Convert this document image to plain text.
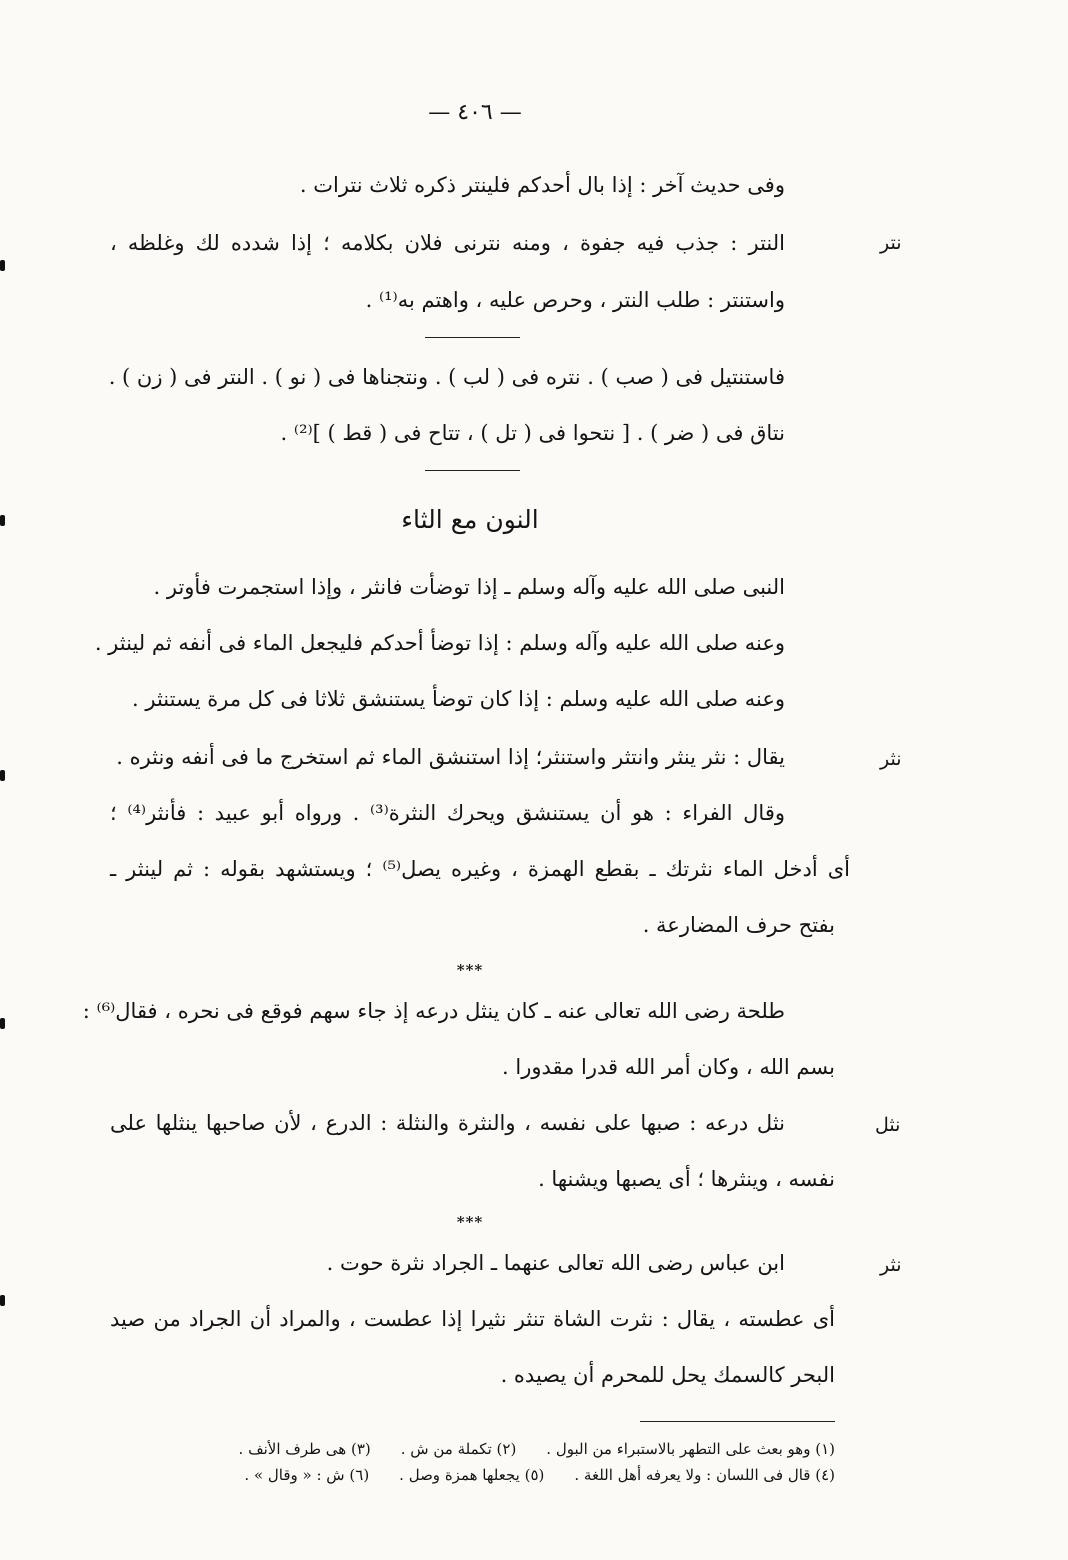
— ٤٠٦ —
وفى حديث آخر : إذا بال أحدكم فلينتر ذكره ثلاث نترات .
نتر
النتر : جذب فيه جفوة ، ومنه نترنى فلان بكلامه ؛ إذا شدده لك وغلظه ،
واستنتر : طلب النتر ، وحرص عليه ، واهتم به⁽¹⁾ .
فاستنتيل فى ( صب ) . نتره فى ( لب ) . ونتجناها فى ( نو ) . النتر فى ( زن ) .
نتاق فى ( ضر ) . [ نتحوا فى ( تل ) ، تتاح فى ( قط ) ]⁽²⁾ .
النون مع الثاء
النبى صلى الله عليه وآله وسلم ـ إذا توضأت فانثر ، وإذا استجمرت فأوتر .
وعنه صلى الله عليه وآله وسلم : إذا توضأ أحدكم فليجعل الماء فى أنفه ثم لينثر .
وعنه صلى الله عليه وسلم : إذا كان توضأ يستنشق ثلاثا فى كل مرة يستنثر .
نثر
يقال : نثر ينثر وانتثر واستنثر؛ إذا استنشق الماء ثم استخرج ما فى أنفه ونثره .
وقال الفراء : هو أن يستنشق ويحرك النثرة⁽³⁾ . ورواه أبو عبيد : فأنثر⁽⁴⁾ ؛
أى أدخل الماء نثرتك ـ بقطع الهمزة ، وغيره يصل⁽⁵⁾ ؛ ويستشهد بقوله : ثم لينثر ـ
بفتح حرف المضارعة .
***
طلحة رضى الله تعالى عنه ـ كان ينثل درعه إذ جاء سهم فوقع فى نحره ، فقال⁽⁶⁾ :
بسم الله ، وكان أمر الله قدرا مقدورا .
نثل
نثل درعه : صبها على نفسه ، والنثرة والنثلة : الدرع ، لأن صاحبها ينثلها على
نفسه ، وينثرها ؛ أى يصبها ويشنها .
***
نثر
ابن عباس رضى الله تعالى عنهما ـ الجراد نثرة حوت .
أى عطسته ، يقال : نثرت الشاة تنثر نثيرا إذا عطست ، والمراد أن الجراد من صيد
البحر كالسمك يحل للمحرم أن يصيده .
(١) وهو بعث على التطهر بالاستبراء من البول .(٢) تكملة من ش .(٣) هى طرف الأنف .
(٤) قال فى اللسان : ولا يعرفه أهل اللغة .(٥) يجعلها همزة وصل .(٦) ش : « وقال » .
